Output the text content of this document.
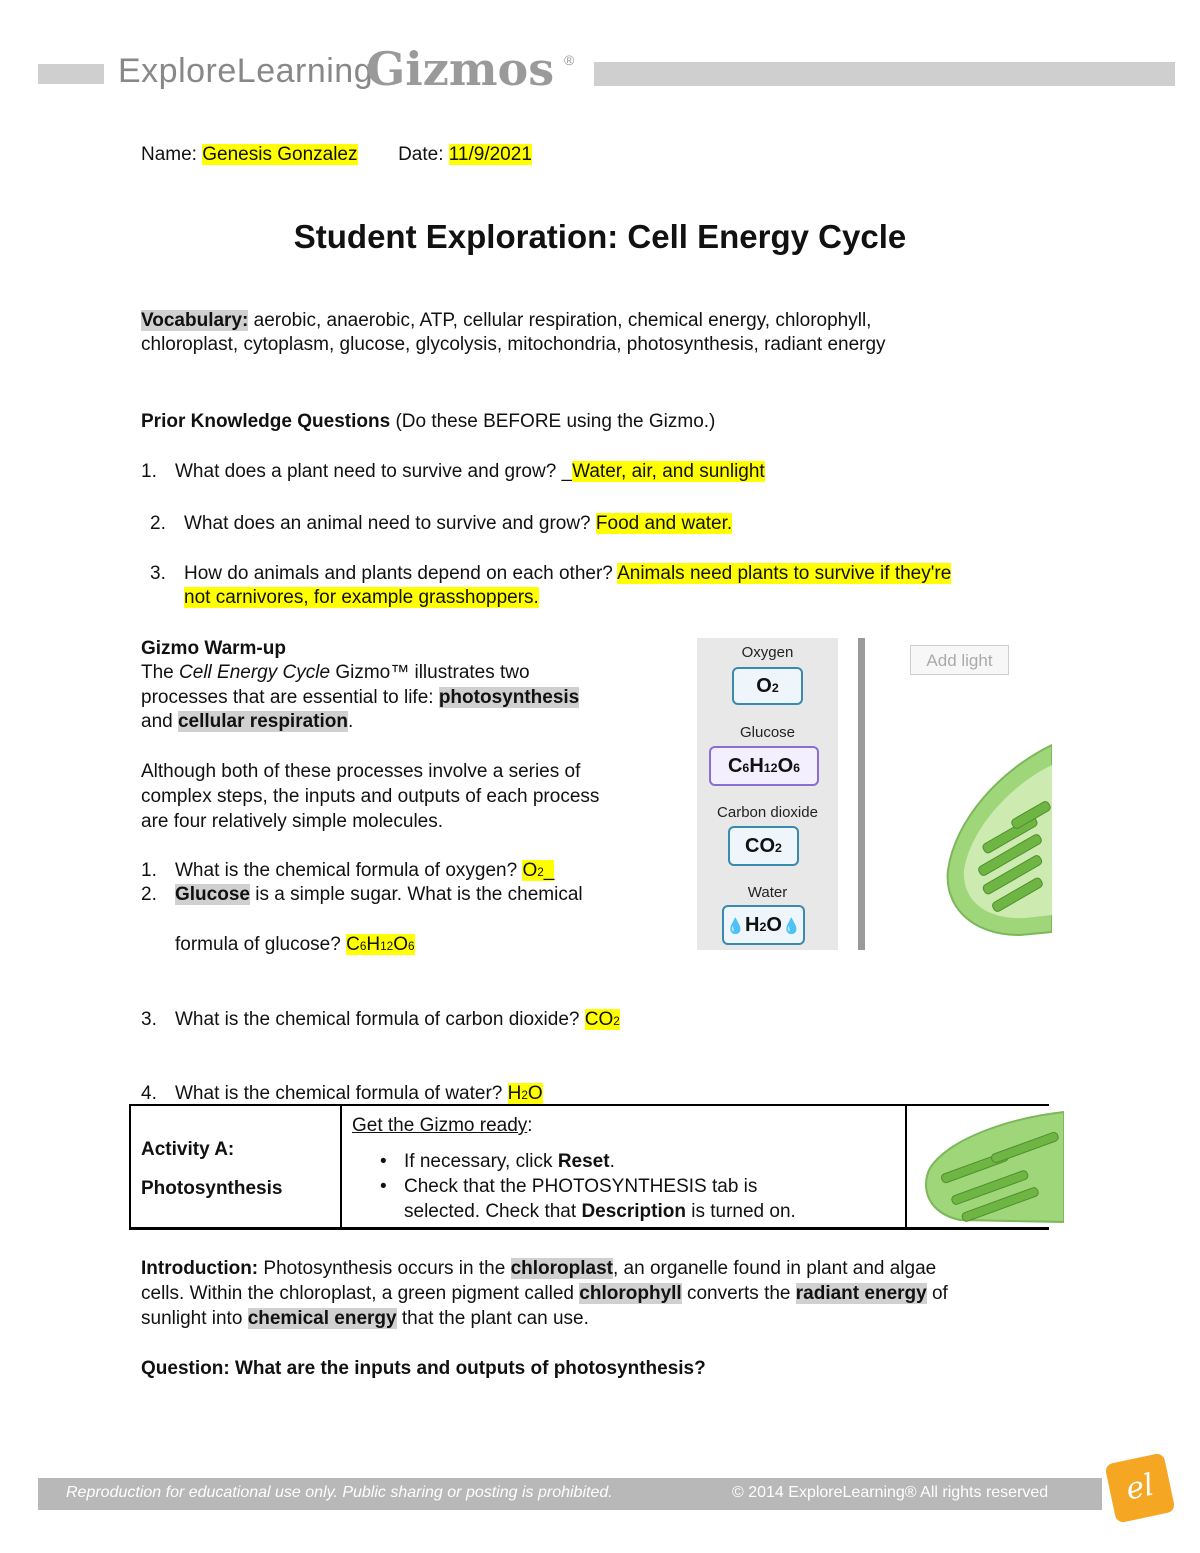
ExploreLearning
Gizmos ®
Name: Genesis Gonzalez Date: 11/9/2021
Student Exploration: Cell Energy Cycle
Vocabulary: aerobic, anaerobic, ATP, cellular respiration, chemical energy, chlorophyll,
chloroplast, cytoplasm, glucose, glycolysis, mitochondria, photosynthesis, radiant energy
Prior Knowledge Questions (Do these BEFORE using the Gizmo.)
1. What does a plant need to survive and grow? _Water, air, and sunlight
2. What does an animal need to survive and grow? Food and water.
3. How do animals and plants depend on each other? Animals need plants to survive if they're
not carnivores, for example grasshoppers.
Gizmo Warm-up
The Cell Energy Cycle Gizmo™ illustrates two
processes that are essential to life: photosynthesis
and cellular respiration.
Although both of these processes involve a series of
complex steps, the inputs and outputs of each process
are four relatively simple molecules.
1. What is the chemical formula of oxygen? O2_
2. Glucose is a simple sugar. What is the chemical
formula of glucose? C6H12O6
3. What is the chemical formula of carbon dioxide? CO2
4. What is the chemical formula of water? H2O
Oxygen
O2
Glucose
C6H12O6
Carbon dioxide
CO2
Water
💧H2O💧
Add light
Activity A:
Photosynthesis
Get the Gizmo ready:
• If necessary, click Reset.
• Check that the PHOTOSYNTHESIS tab is
selected. Check that Description is turned on.
Introduction: Photosynthesis occurs in the chloroplast, an organelle found in plant and algae
cells. Within the chloroplast, a green pigment called chlorophyll converts the radiant energy of
sunlight into chemical energy that the plant can use.
Question: What are the inputs and outputs of photosynthesis?
Reproduction for educational use only. Public sharing or posting is prohibited.	© 2014 ExploreLearning® All rights reserved	el
